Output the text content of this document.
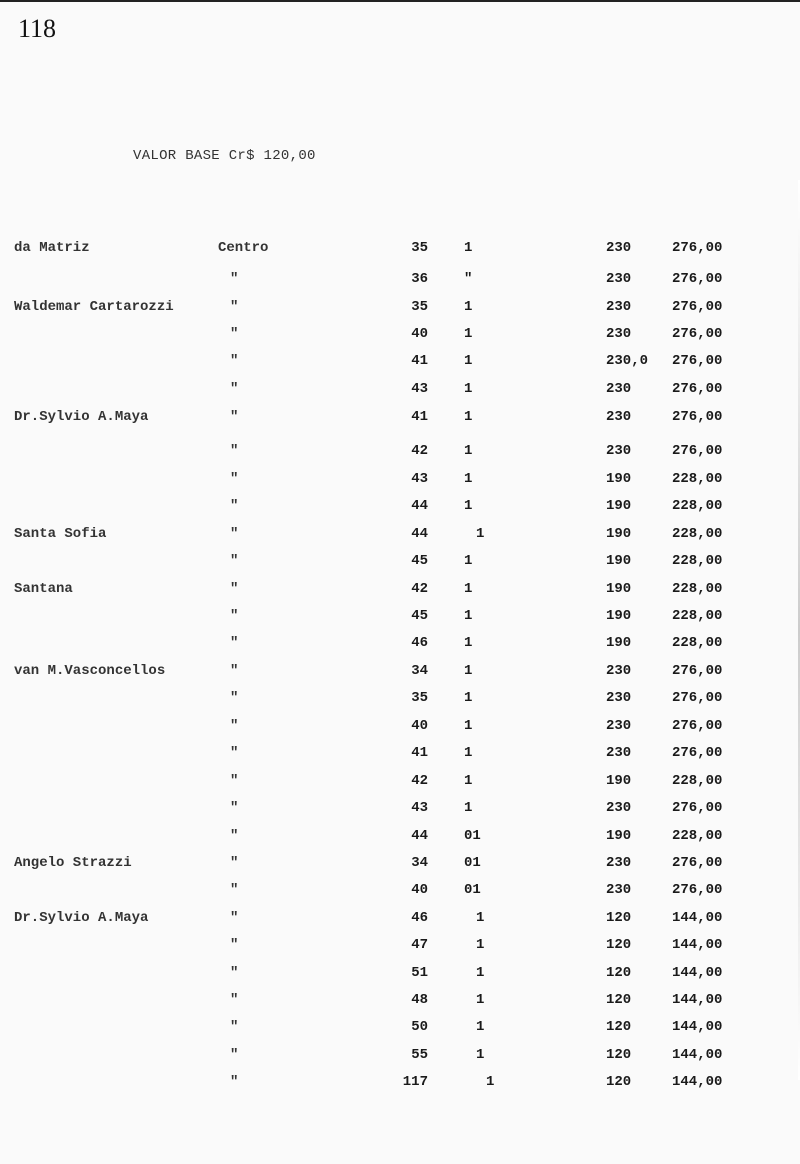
118
VALOR BASE Cr$ 120,00
da Matriz	Centro	35	1	230	276,00
"	36	"	230	276,00
Waldemar Cartarozzi	"	35	1	230	276,00
"	40	1	230	276,00
"	41	1	230,0 276,00
"	43	1	230	276,00
Dr.Sylvio A.Maya	"	41	1	230	276,00
"	42	1	230	276,00
"	43	1	190	228,00
"	44	1	190	228,00
Santa Sofia	"	44	1	190	228,00
"	45	1	190	228,00
Santana	"	42	1	190	228,00
"	45	1	190	228,00
"	46	1	190	228,00
van M.Vasconcellos	"	34	1	230	276,00
"	35	1	230	276,00
"	40	1	230	276,00
"	41	1	230	276,00
"	42	1	190	228,00
"	43	1	230	276,00
"	44	01	190	228,00
Angelo Strazzi	"	34	01	230	276,00
"	40	01	230	276,00
Dr.Sylvio A.Maya	"	46	1	120	144,00
"	47	1	120	144,00
"	51	1	120	144,00
"	48	1	120	144,00
"	50	1	120	144,00
"	55	1	120	144,00
"	117	1	120	144,00
